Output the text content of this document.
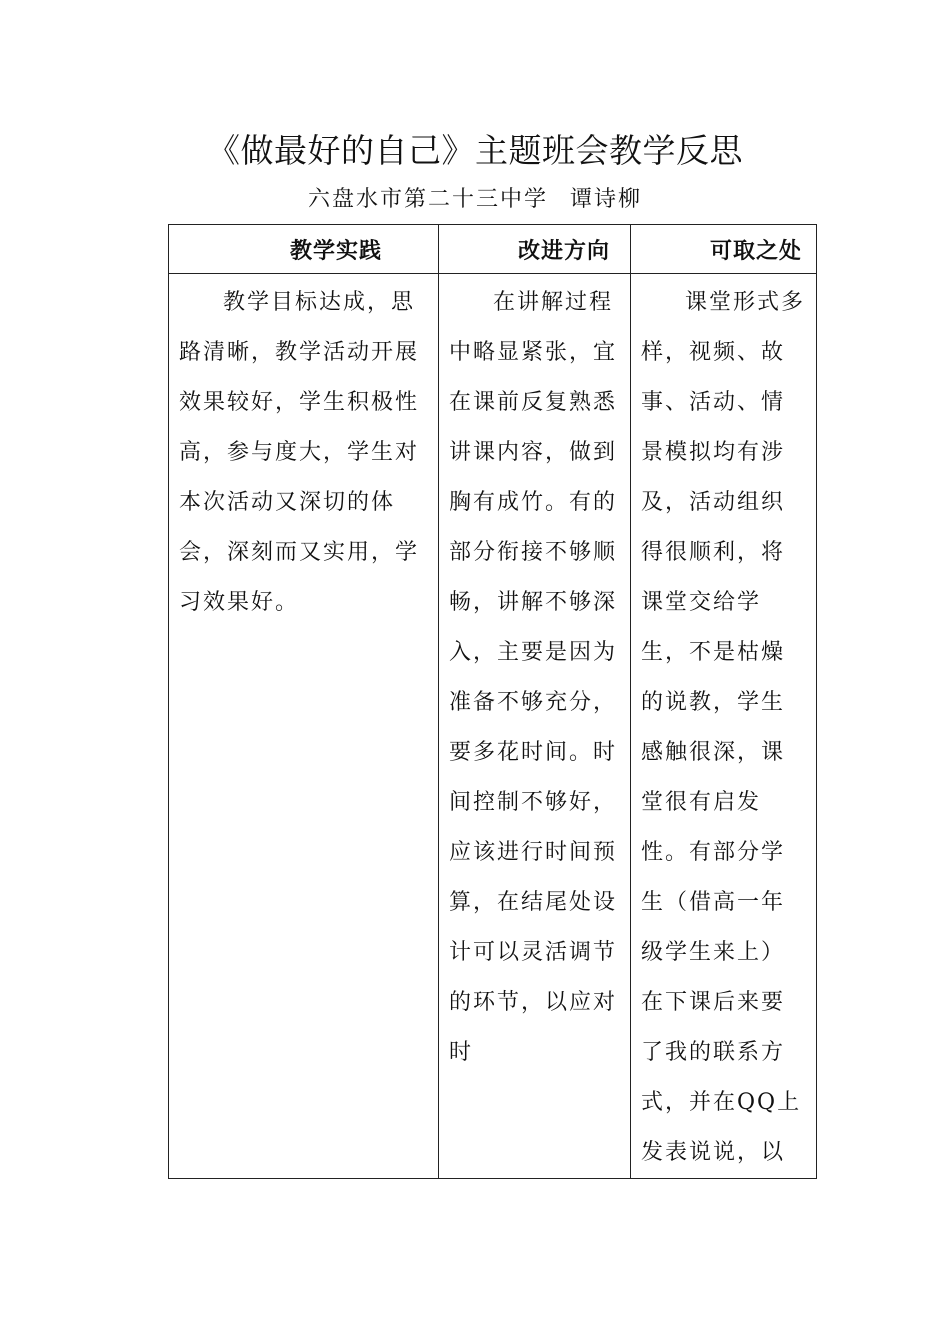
《做最好的自己》主题班会教学反思
六盘水市第二十三中学 谭诗柳
教学实践	改进方向	可取之处
教学目标达成，思路清晰，教学活动开展效果较好，学生积极性高，参与度大，学生对本次活动又深切的体会，深刻而又实用，学习效果好。	在讲解过程中略显紧张，宜在课前反复熟悉讲课内容，做到胸有成竹。有的部分衔接不够顺畅，讲解不够深入，主要是因为准备不够充分，要多花时间。时间控制不够好，应该进行时间预算，在结尾处设计可以灵活调节的环节，以应对时	课堂形式多样，视频、故事、活动、情景模拟均有涉及，活动组织得很顺利，将课堂交给学生，不是枯燥的说教，学生感触很深，课堂很有启发性。有部分学生（借高一年级学生来上）在下课后来要了我的联系方式，并在QQ上发表说说，以
